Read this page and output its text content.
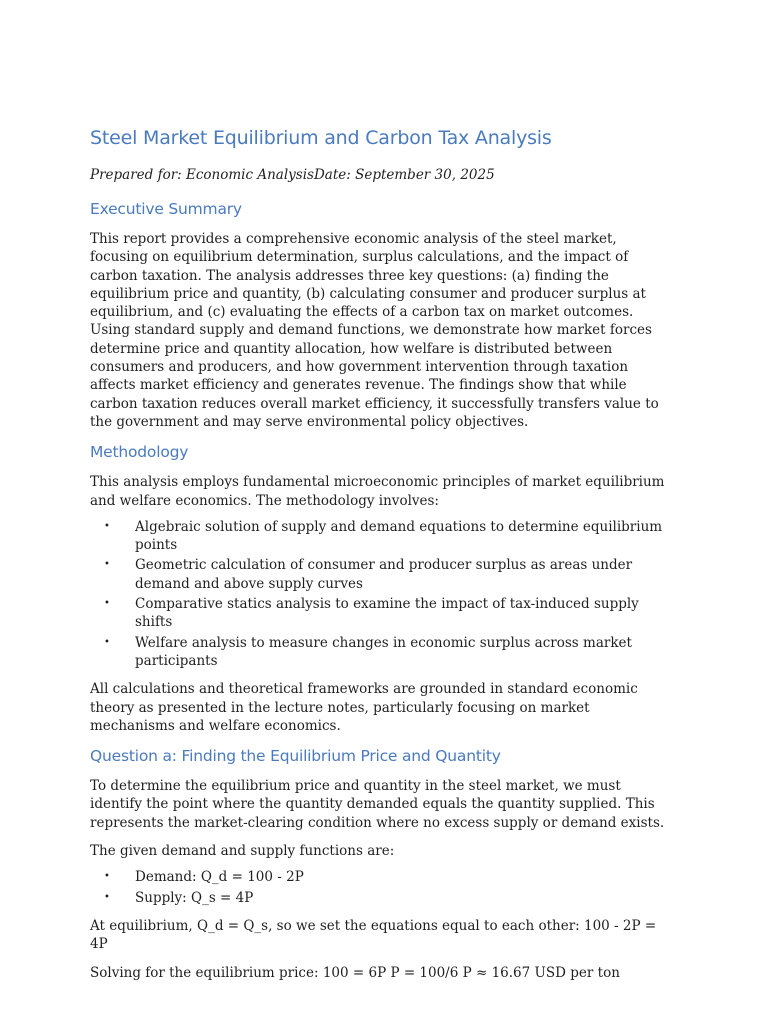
Steel Market Equilibrium and Carbon Tax Analysis
Prepared for: Economic AnalysisDate: September 30, 2025
Executive Summary

This report provides a comprehensive economic analysis of the steel market, focusing on equilibrium determination, surplus calculations, and the impact of carbon taxation. The analysis addresses three key questions: (a) finding the equilibrium price and quantity, (b) calculating consumer and producer surplus at equilibrium, and (c) evaluating the effects of a carbon tax on market outcomes. Using standard supply and demand functions, we demonstrate how market forces determine price and quantity allocation, how welfare is distributed between consumers and producers, and how government intervention through taxation affects market efficiency and generates revenue. The findings show that while carbon taxation reduces overall market efficiency, it successfully transfers value to the government and may serve environmental policy objectives.

Methodology

This analysis employs fundamental microeconomic principles of market equilibrium and welfare economics. The methodology involves:

• Algebraic solution of supply and demand equations to determine equilibrium points
• Geometric calculation of consumer and producer surplus as areas under demand and above supply curves
• Comparative statics analysis to examine the impact of tax-induced supply shifts
• Welfare analysis to measure changes in economic surplus across market participants

All calculations and theoretical frameworks are grounded in standard economic theory as presented in the lecture notes, particularly focusing on market mechanisms and welfare economics.

Question a: Finding the Equilibrium Price and Quantity

To determine the equilibrium price and quantity in the steel market, we must identify the point where the quantity demanded equals the quantity supplied. This represents the market-clearing condition where no excess supply or demand exists.

The given demand and supply functions are:

• Demand: Q_d = 100 - 2P
• Supply: Q_s = 4P

At equilibrium, Q_d = Q_s, so we set the equations equal to each other: 100 - 2P = 4P

Solving for the equilibrium price: 100 = 6P P = 100/6 P ≈ 16.67 USD per ton
